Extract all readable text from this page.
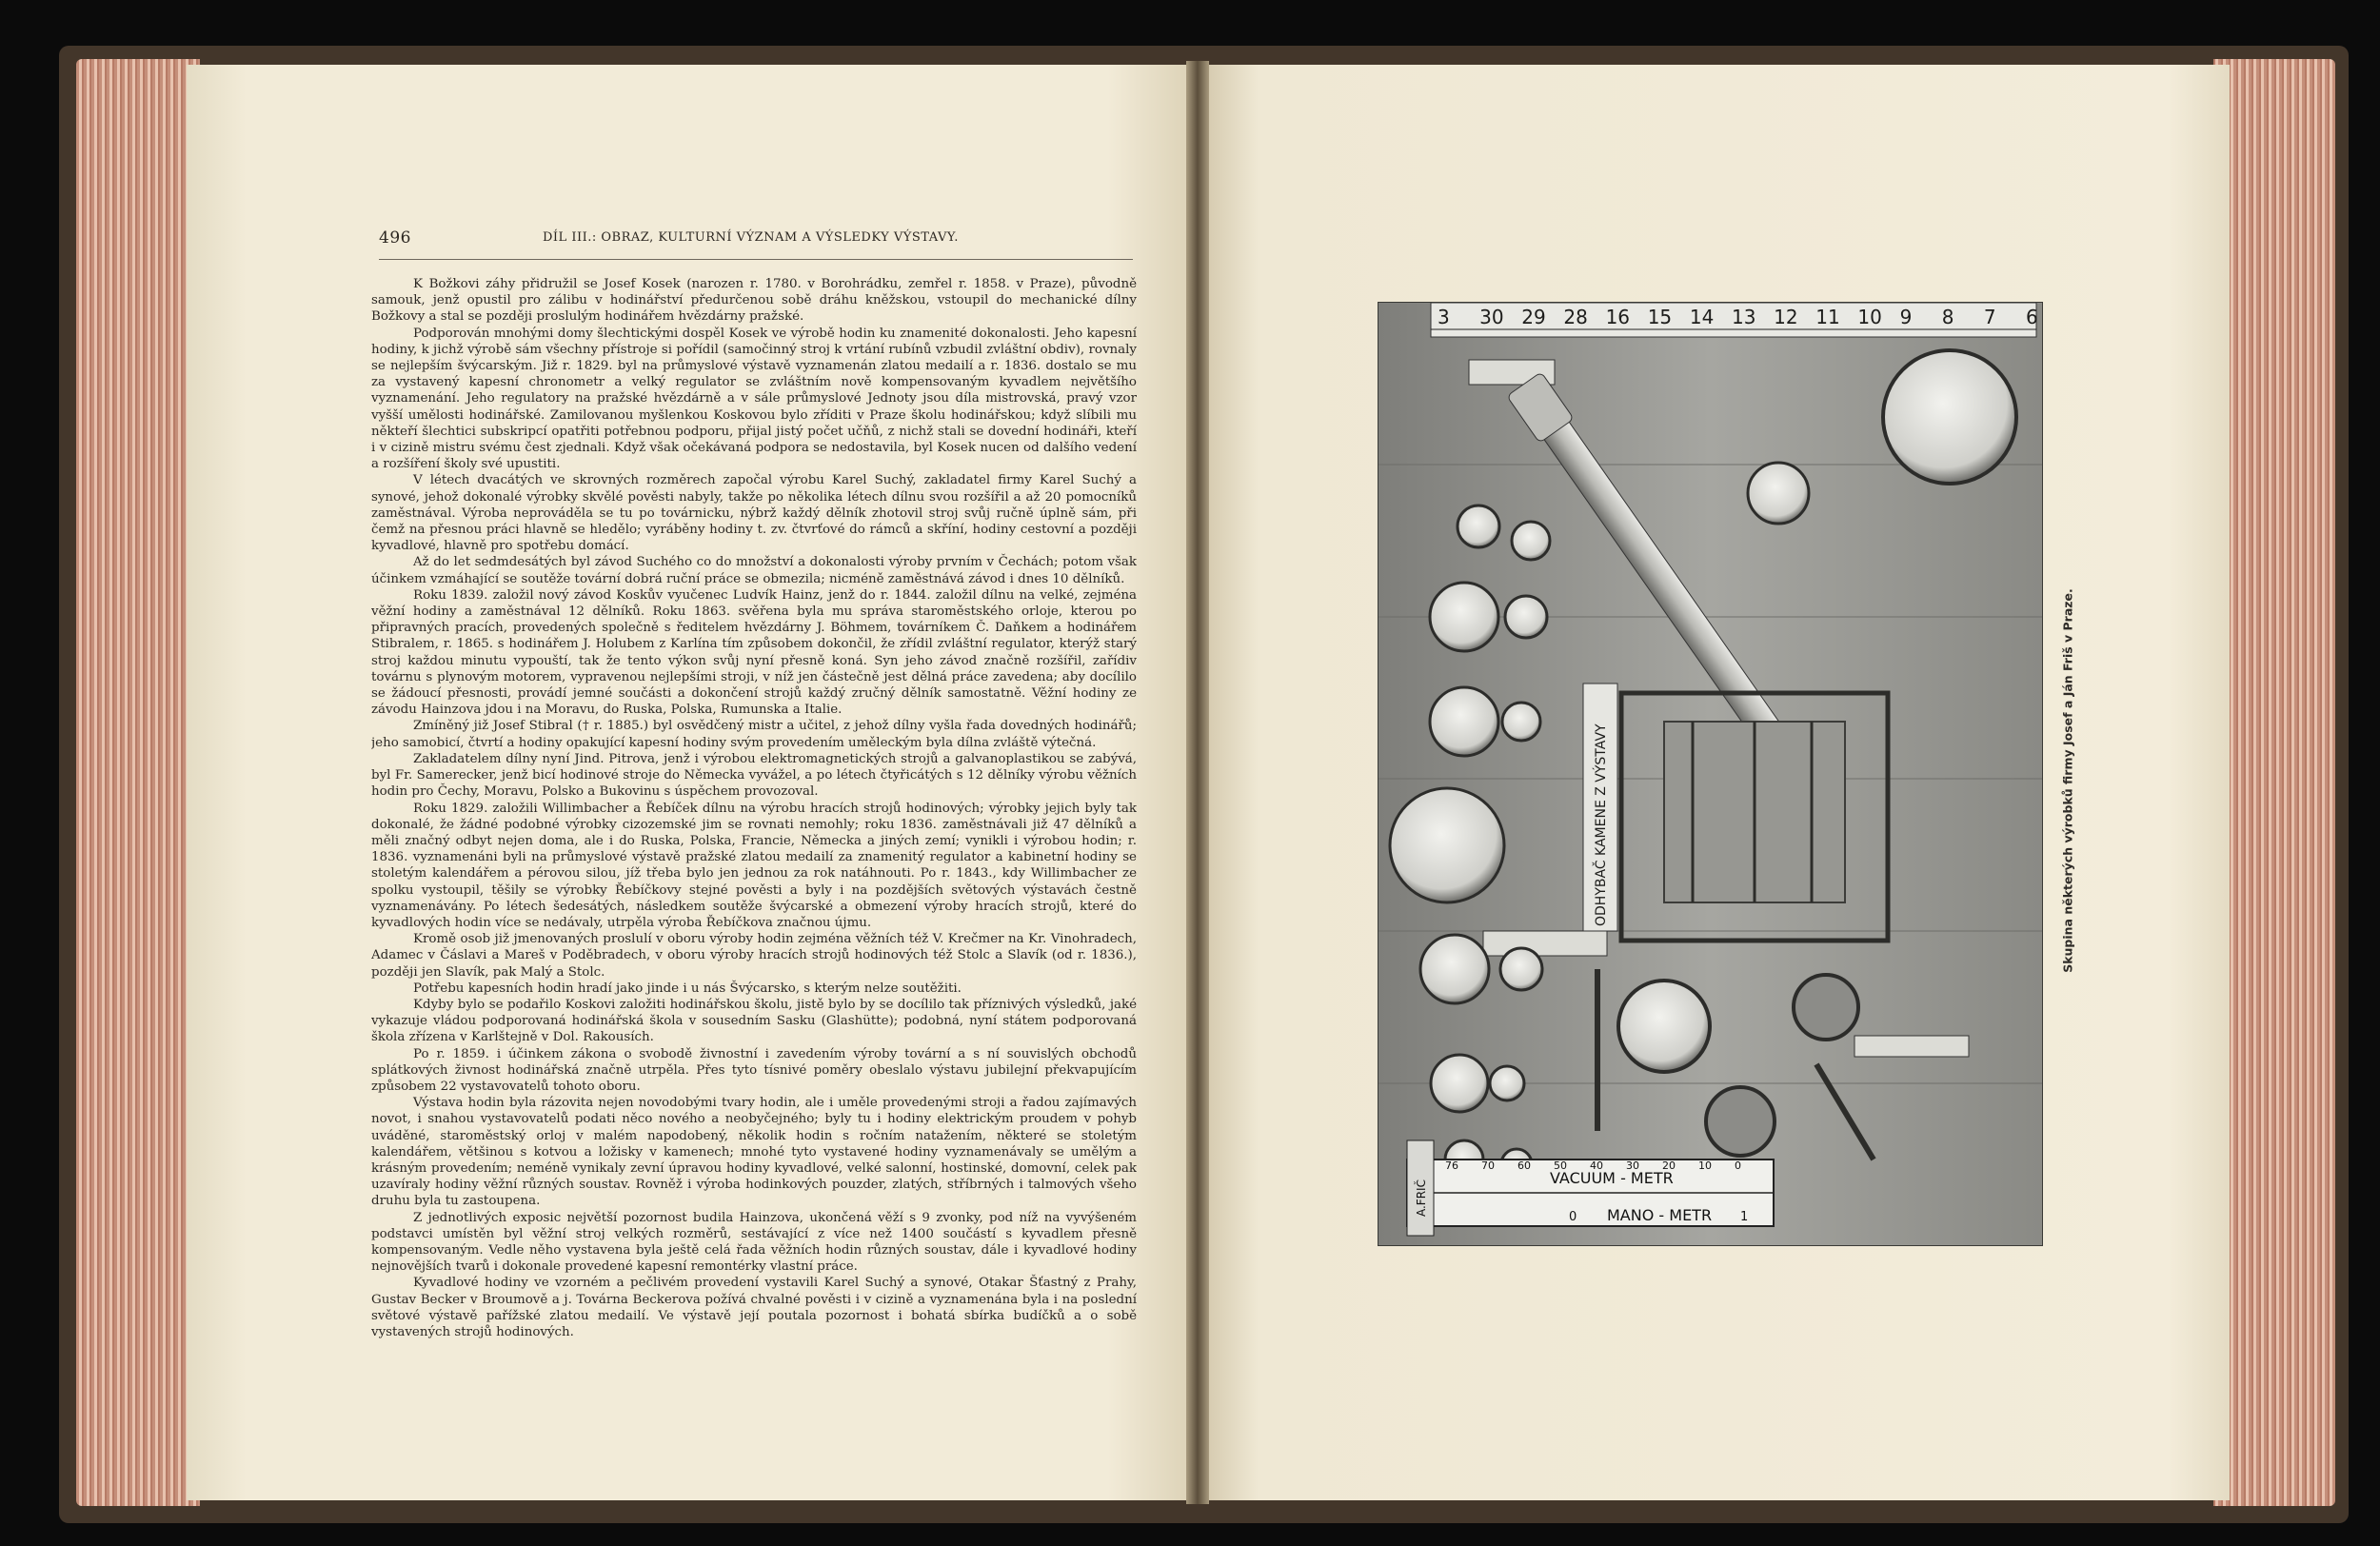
496	DÍL III.: OBRAZ, KULTURNÍ VÝZNAM A VÝSLEDKY VÝSTAVY.

K Božkovi záhy přidružil se Josef Kosek (narozen r. 1780. v Borohrádku, zemřel r. 1858. v Praze), původně samouk, jenž opustil pro zálibu v hodinářství předurčenou sobě dráhu kněžskou, vstoupil do mechanické dílny Božkovy a stal se později proslulým hodinářem hvězdárny pražské.

Podporován mnohými domy šlechtickými dospěl Kosek ve výrobě hodin ku znamenité dokonalosti. Jeho kapesní hodiny, k jichž výrobě sám všechny přístroje si pořídil (samočinný stroj k vrtání rubínů vzbudil zvláštní obdiv), rovnaly se nejlepším švýcarským. Již r. 1829. byl na průmyslové výstavě vyznamenán zlatou medailí a r. 1836. dostalo se mu za vystavený kapesní chronometr a velký regulator se zvláštním nově kompensovaným kyvadlem největšího vyznamenání. Jeho regulatory na pražské hvězdárně a v sále průmyslové Jednoty jsou díla mistrovská, pravý vzor vyšší umělosti hodinářské. Zamilovanou myšlenkou Koskovou bylo zříditi v Praze školu hodinářskou; když slíbili mu někteří šlechtici subskripcí opatřiti potřebnou podporu, přijal jistý počet učňů, z nichž stali se dovední hodináři, kteří i v cizině mistru svému čest zjednali. Když však očekávaná podpora se nedostavila, byl Kosek nucen od dalšího vedení a rozšíření školy své upustiti.

V létech dvacátých ve skrovných rozměrech započal výrobu Karel Suchý, zakladatel firmy Karel Suchý a synové, jehož dokonalé výrobky skvělé pověsti nabyly, takže po několika létech dílnu svou rozšířil a až 20 pomocníků zaměstnával. Výroba neprováděla se tu po továrnicku, nýbrž každý dělník zhotovil stroj svůj ručně úplně sám, při čemž na přesnou práci hlavně se hledělo; vyráběny hodiny t. zv. čtvrťové do rámců a skříní, hodiny cestovní a později kyvadlové, hlavně pro spotřebu domácí.

Až do let sedmdesátých byl závod Suchého co do množství a dokonalosti výroby prvním v Čechách; potom však účinkem vzmáhající se soutěže tovární dobrá ruční práce se obmezila; nicméně zaměstnává závod i dnes 10 dělníků.

Roku 1839. založil nový závod Koskův vyučenec Ludvík Hainz, jenž do r. 1844. založil dílnu na velké, zejména věžní hodiny a zaměstnával 12 dělníků. Roku 1863. svěřena byla mu správa staroměstského orloje, kterou po připravných pracích, provedených společně s ředitelem hvězdárny J. Böhmem, továrníkem Č. Daňkem a hodinářem Stibralem, r. 1865. s hodinářem J. Holubem z Karlína tím způsobem dokončil, že zřídil zvláštní regulator, kterýž starý stroj každou minutu vypouští, tak že tento výkon svůj nyní přesně koná. Syn jeho závod značně rozšířil, zařídiv továrnu s plynovým motorem, vypravenou nejlepšími stroji, v níž jen částečně jest dělná práce zavedena; aby docílilo se žádoucí přesnosti, provádí jemné součásti a dokončení strojů každý zručný dělník samostatně. Věžní hodiny ze závodu Hainzova jdou i na Moravu, do Ruska, Polska, Rumunska a Italie.

Zmíněný již Josef Stibral († r. 1885.) byl osvědčený mistr a učitel, z jehož dílny vyšla řada dovedných hodinářů; jeho samobicí, čtvrtí a hodiny opakující kapesní hodiny svým provedením uměleckým byla dílna zvláště výtečná.

Zakladatelem dílny nyní Jind. Pitrova, jenž i výrobou elektromagnetických strojů a galvanoplastikou se zabývá, byl Fr. Samerecker, jenž bicí hodinové stroje do Německa vyvážel, a po létech čtyřicátých s 12 dělníky výrobu věžních hodin pro Čechy, Moravu, Polsko a Bukovinu s úspěchem provozoval.

Roku 1829. založili Willimbacher a Řebíček dílnu na výrobu hracích strojů hodinových; výrobky jejich byly tak dokonalé, že žádné podobné výrobky cizozemské jim se rovnati nemohly; roku 1836. zaměstnávali již 47 dělníků a měli značný odbyt nejen doma, ale i do Ruska, Polska, Francie, Německa a jiných zemí; vynikli i výrobou hodin; r. 1836. vyznamenáni byli na průmyslové výstavě pražské zlatou medailí za znamenitý regulator a kabinetní hodiny se stoletým kalendářem a pérovou silou, jíž třeba bylo jen jednou za rok natáhnouti. Po r. 1843., kdy Willimbacher ze spolku vystoupil, těšily se výrobky Řebíčkovy stejné pověsti a byly i na pozdějších světových výstavách čestně vyznamenávány. Po létech šedesátých, následkem soutěže švýcarské a obmezení výroby hracích strojů, které do kyvadlových hodin více se nedávaly, utrpěla výroba Řebíčkova značnou újmu.

Kromě osob již jmenovaných proslulí v oboru výroby hodin zejména věžních též V. Krečmer na Kr. Vinohradech, Adamec v Čáslavi a Mareš v Poděbradech, v oboru výroby hracích strojů hodinových též Stolc a Slavík (od r. 1836.), později jen Slavík, pak Malý a Stolc.

Potřebu kapesních hodin hradí jako jinde i u nás Švýcarsko, s kterým nelze soutěžiti.

Kdyby bylo se podařilo Koskovi založiti hodinářskou školu, jistě bylo by se docílilo tak příznivých výsledků, jaké vykazuje vládou podporovaná hodinářská škola v sousedním Sasku (Glashütte); podobná, nyní státem podporovaná škola zřízena v Karlštejně v Dol. Rakousích.

Po r. 1859. i účinkem zákona o svobodě živnostní i zavedením výroby tovární a s ní souvislých obchodů splátkových živnost hodinářská značně utrpěla. Přes tyto tísnivé poměry obeslalo výstavu jubilejní překvapujícím způsobem 22 vystavovatelů tohoto oboru.

Výstava hodin byla rázovita nejen novodobými tvary hodin, ale i uměle provedenými stroji a řadou zajímavých novot, i snahou vystavovatelů podati něco nového a neobyčejného; byly tu i hodiny elektrickým proudem v pohyb uváděné, staroměstský orloj v malém napodobený, několik hodin s ročním natažením, některé se stoletým kalendářem, většinou s kotvou a ložisky v kamenech; mnohé tyto vystavené hodiny vyznamenávaly se umělým a krásným provedením; neméně vynikaly zevní úpravou hodiny kyvadlové, velké salonní, hostinské, domovní, celek pak uzavíraly hodiny věžní různých soustav. Rovněž i výroba hodinkových pouzder, zlatých, stříbrných i talmových všeho druhu byla tu zastoupena.

Z jednotlivých exposic největší pozornost budila Hainzova, ukončená věží s 9 zvonky, pod níž na vyvýšeném podstavci umístěn byl věžní stroj velkých rozměrů, sestávající z více než 1400 součástí s kyvadlem přesně kompensovaným. Vedle něho vystavena byla ještě celá řada věžních hodin různých soustav, dále i kyvadlové hodiny nejnovějších tvarů i dokonale provedené kapesní remontérky vlastní práce.

Kyvadlové hodiny ve vzorném a pečlivém provedení vystavili Karel Suchý a synové, Otakar Šťastný z Prahy, Gustav Becker v Broumově a j. Továrna Beckerova požívá chvalné pověsti i v cizině a vyznamenána byla i na poslední světové výstavě pařížské zlatou medailí. Ve výstavě její poutala pozornost i bohatá sbírka budíčků a o sobě vystavených strojů hodinových.

3 30 29 28 16 15 14 13 12 11 10 9 8 7 6
ODHYBAČ KAMENE Z VÝSTAVY
VACUUM - METR
MANO - METR
76 70 60 50 40 30 20 10 0
0	1
A.FRIČ
Skupina některých výrobků firmy Josef a Ján Friš v Praze.
